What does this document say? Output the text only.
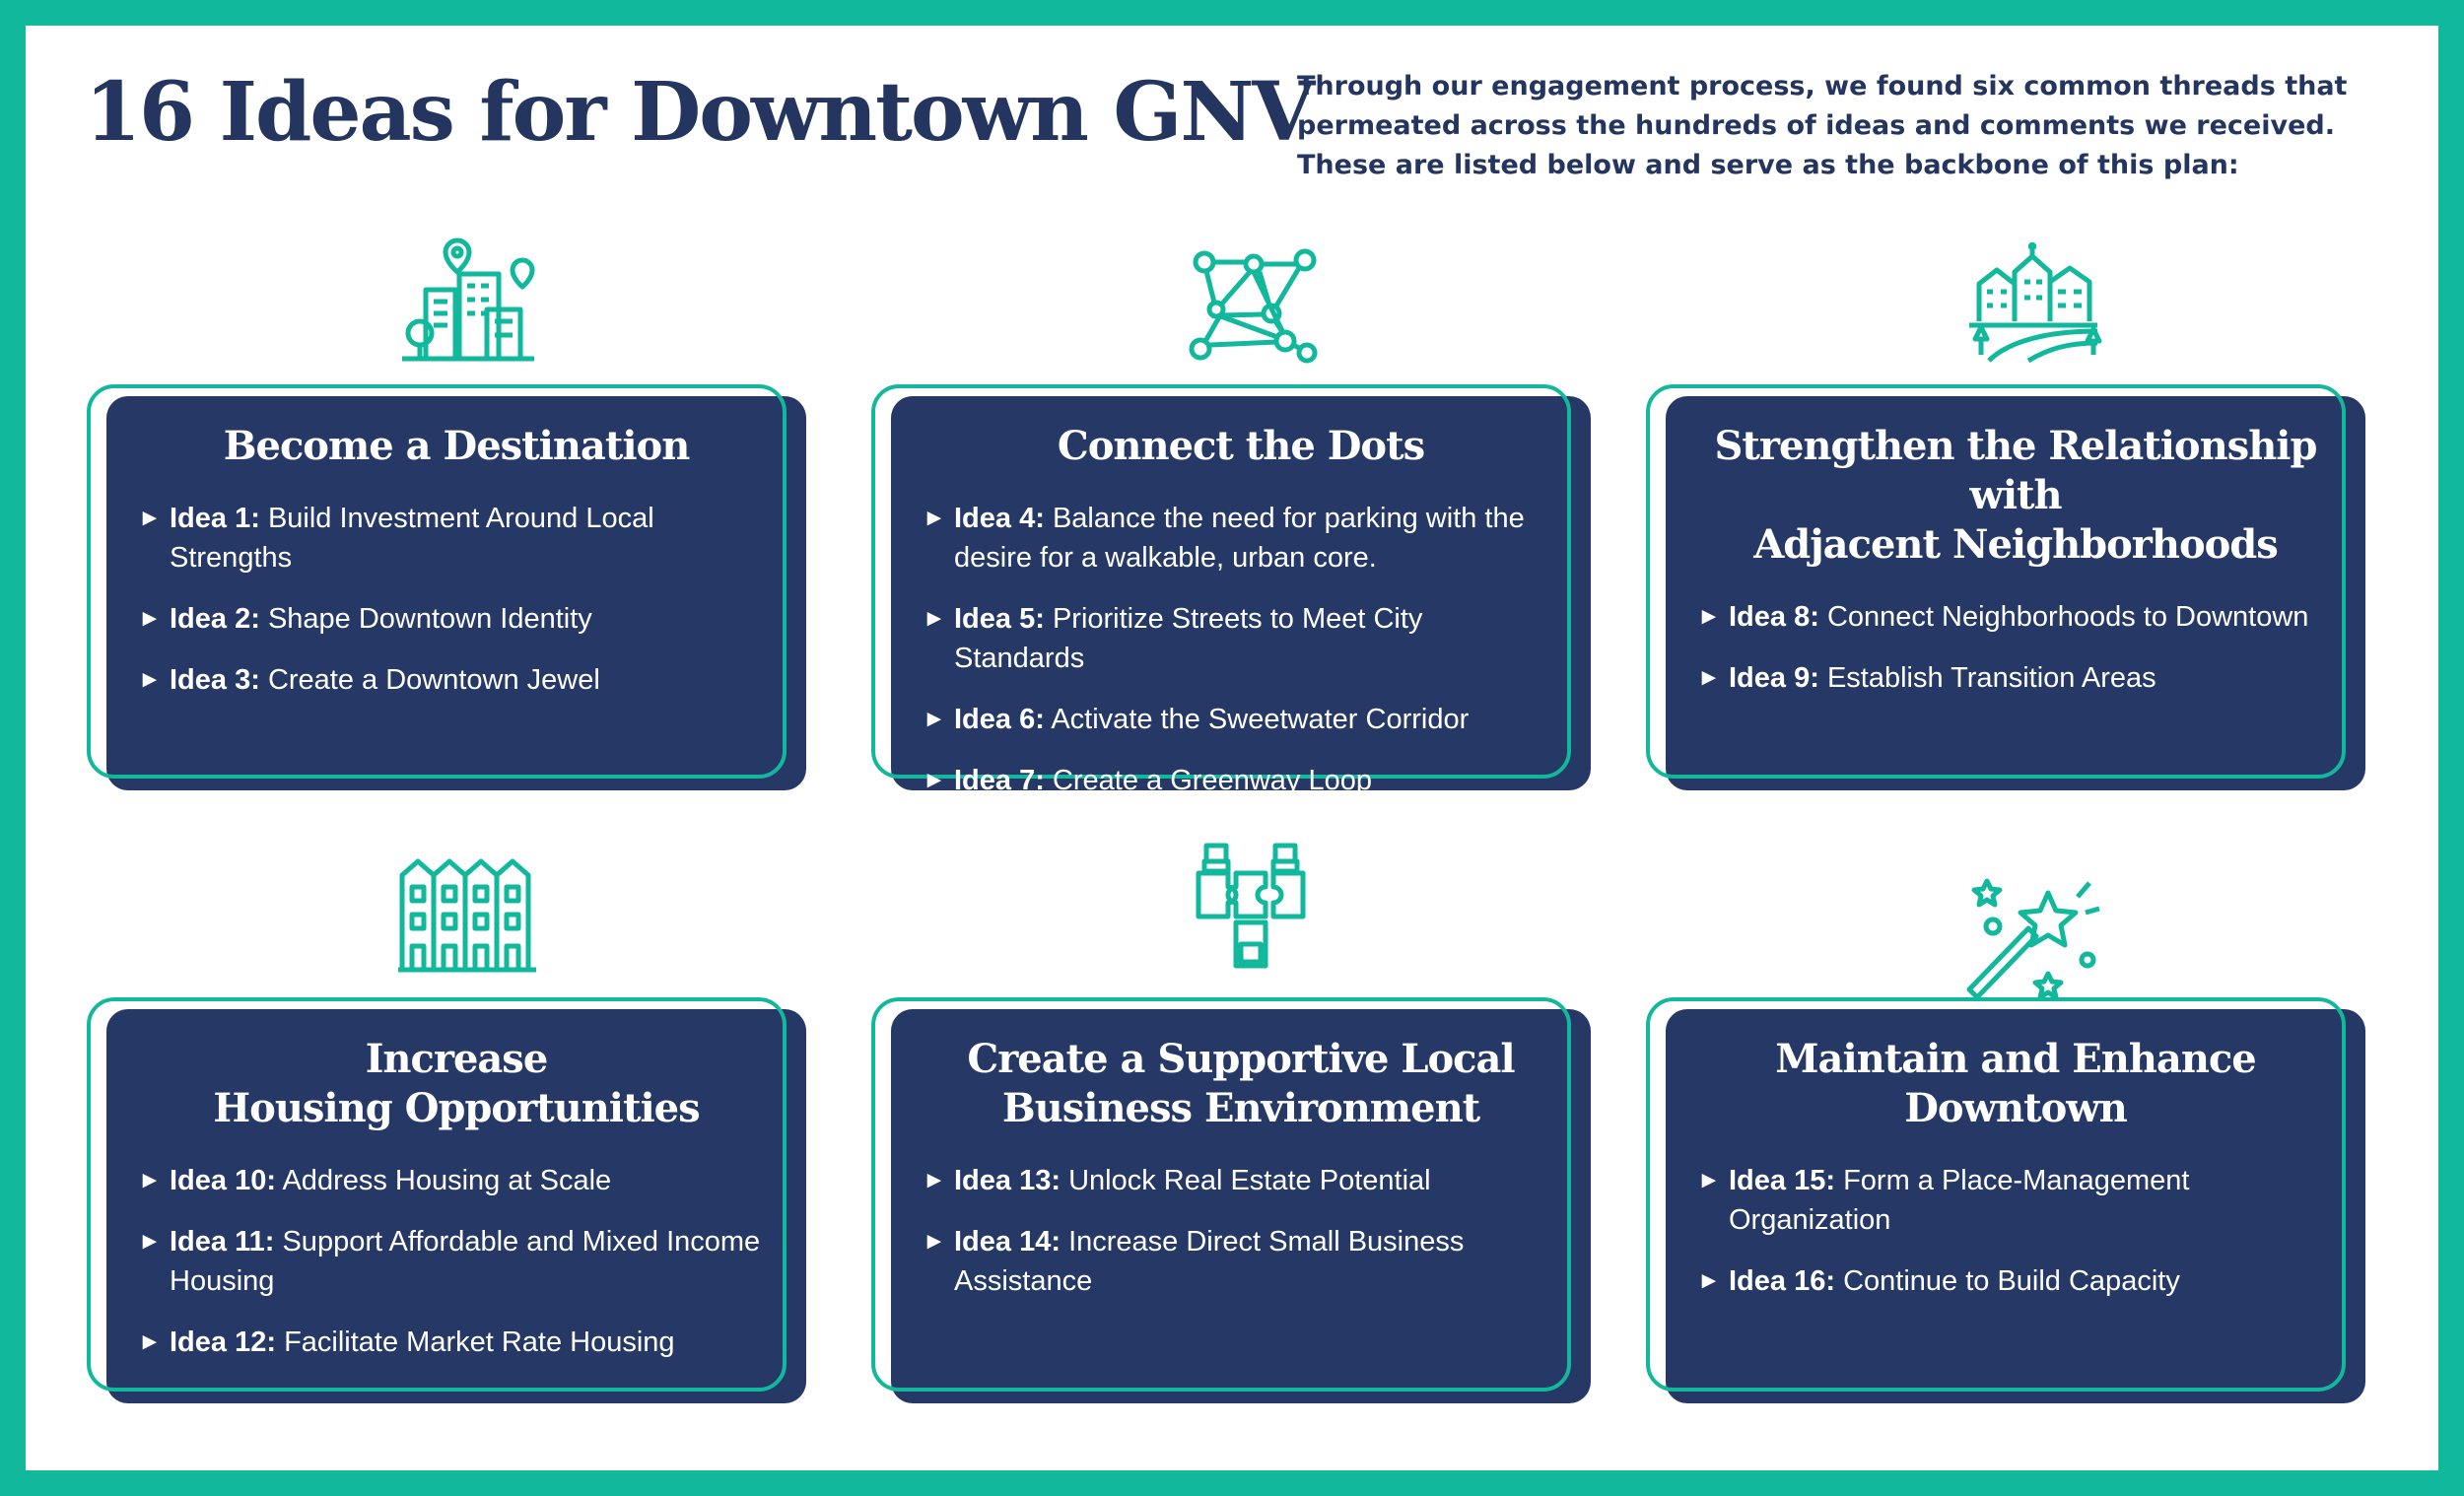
16 Ideas for Downtown GNV

Through our engagement process, we found six common threads that permeated across the hundreds of ideas and comments we received. These are listed below and serve as the backbone of this plan:

Become a Destination
► Idea 1: Build Investment Around Local Strengths
► Idea 2: Shape Downtown Identity
► Idea 3: Create a Downtown Jewel
Connect the Dots
► Idea 4: Balance the need for parking with the desire for a walkable, urban core.
► Idea 5: Prioritize Streets to Meet City Standards
► Idea 6: Activate the Sweetwater Corridor
► Idea 7: Create a Greenway Loop
Strengthen the Relationship with
Adjacent Neighborhoods
► Idea 8: Connect Neighborhoods to Downtown
► Idea 9: Establish Transition Areas
Increase
Housing Opportunities
► Idea 10: Address Housing at Scale
► Idea 11: Support Affordable and Mixed Income Housing
► Idea 12: Facilitate Market Rate Housing
Create a Supportive Local
Business Environment
► Idea 13: Unlock Real Estate Potential
► Idea 14: Increase Direct Small Business Assistance
Maintain and Enhance
Downtown
► Idea 15: Form a Place-Management Organization
► Idea 16: Continue to Build Capacity
